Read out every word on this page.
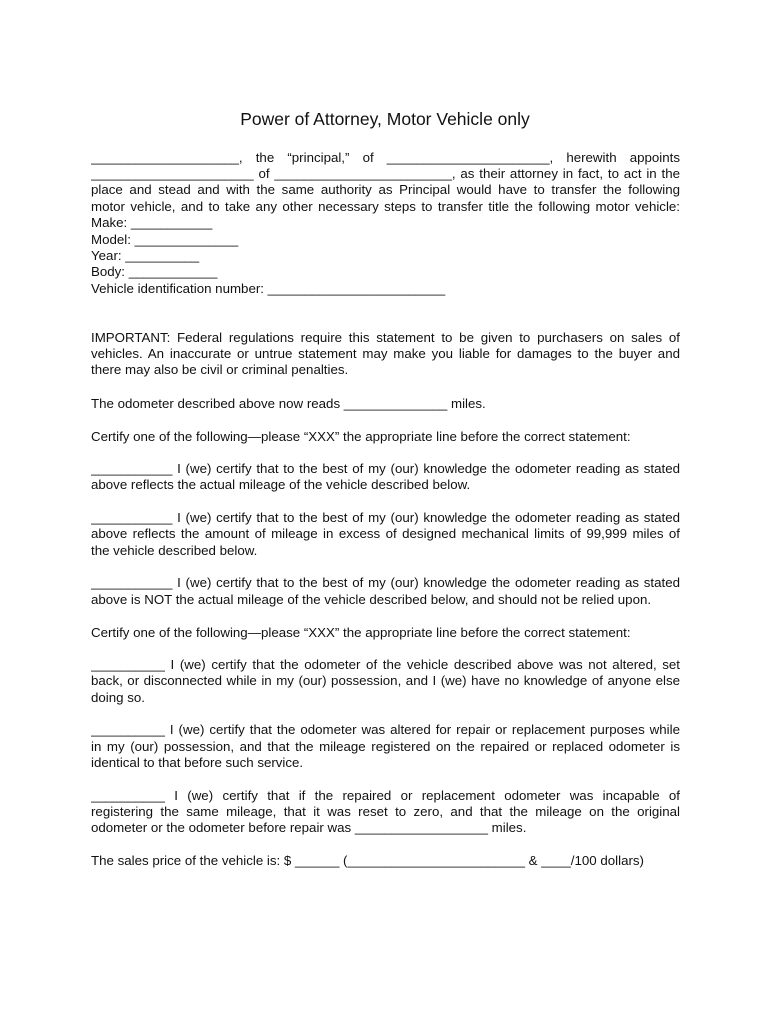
Power of Attorney, Motor Vehicle only
____________________, the “principal,” of ______________________, herewith appoints
______________________ of ________________________, as their attorney in fact, to act in the
place and stead and with the same authority as Principal would have to transfer the following
motor vehicle, and to take any other necessary steps to transfer title the following motor vehicle:
Make: ___________
Model: ______________
Year: __________
Body: ____________
Vehicle identification number: ________________________
IMPORTANT: Federal regulations require this statement to be given to purchasers on sales of
vehicles. An inaccurate or untrue statement may make you liable for damages to the buyer and
there may also be civil or criminal penalties.
The odometer described above now reads ______________ miles.
Certify one of the following—please “XXX” the appropriate line before the correct statement:
___________ I (we) certify that to the best of my (our) knowledge the odometer reading as stated
above reflects the actual mileage of the vehicle described below.
___________ I (we) certify that to the best of my (our) knowledge the odometer reading as stated
above reflects the amount of mileage in excess of designed mechanical limits of 99,999 miles of
the vehicle described below.
___________ I (we) certify that to the best of my (our) knowledge the odometer reading as stated
above is NOT the actual mileage of the vehicle described below, and should not be relied upon.
Certify one of the following—please “XXX” the appropriate line before the correct statement:
__________ I (we) certify that the odometer of the vehicle described above was not altered, set
back, or disconnected while in my (our) possession, and I (we) have no knowledge of anyone else
doing so.
__________ I (we) certify that the odometer was altered for repair or replacement purposes while
in my (our) possession, and that the mileage registered on the repaired or replaced odometer is
identical to that before such service.
__________ I (we) certify that if the repaired or replacement odometer was incapable of
registering the same mileage, that it was reset to zero, and that the mileage on the original
odometer or the odometer before repair was __________________ miles.
The sales price of the vehicle is: $ ______ (________________________ & ____/100 dollars)
